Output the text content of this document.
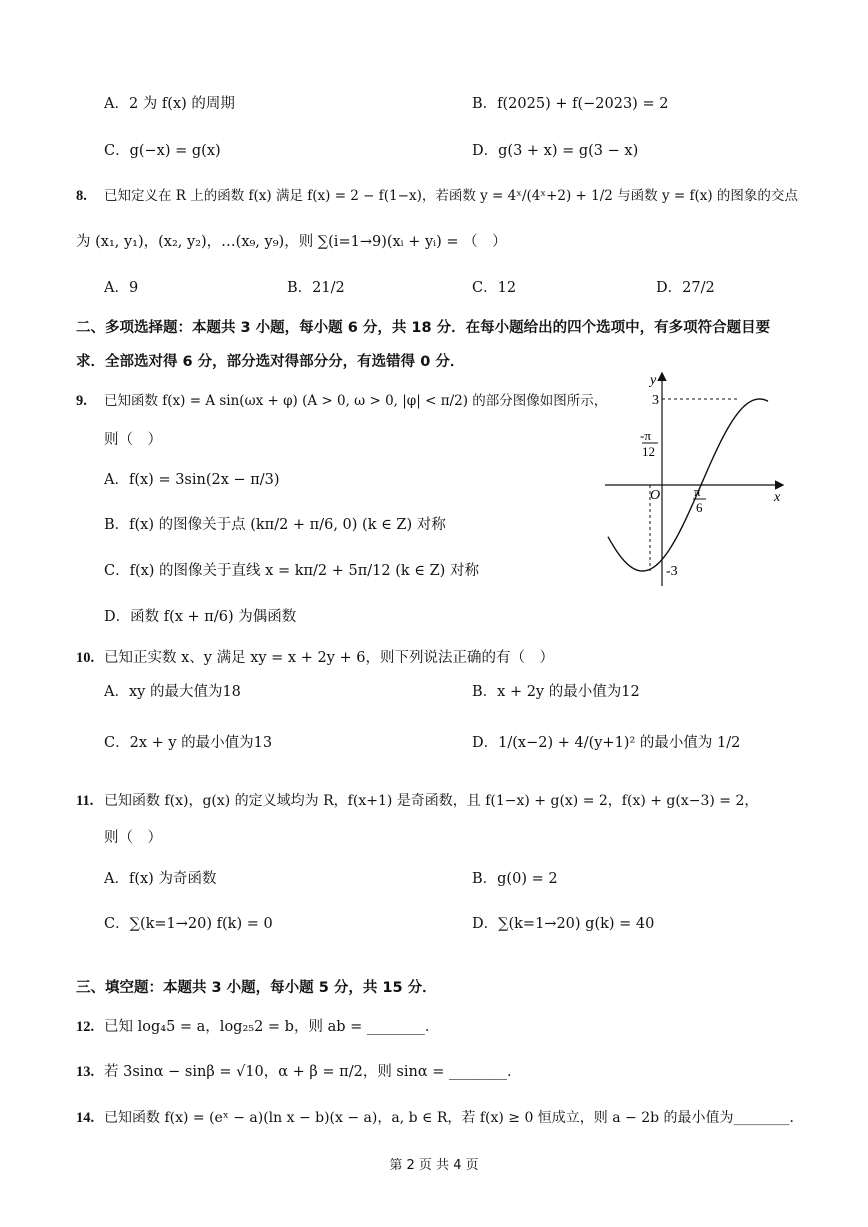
A．2 为 f(x) 的周期	B．f(2025) + f(−2023) = 2
C．g(−x) = g(x)	D．g(3 + x) = g(3 − x)
8. 已知定义在 R 上的函数 f(x) 满足 f(x) = 2 − f(1−x)，若函数 y = 4ˣ/(4ˣ+2) + 1/2 与函数 y = f(x) 的图象的交点
为 (x₁, y₁)，(x₂, y₂)，…(x₉, y₉)，则 ∑(i=1→9)(xᵢ + yᵢ) = （　）
A．9	B．21/2	C．12	D．27/2
二、多项选择题：本题共 3 小题，每小题 6 分，共 18 分．在每小题给出的四个选项中，有多项符合题目要
求．全部选对得 6 分，部分选对得部分分，有选错得 0 分．
9. 已知函数 f(x) = A sin(ωx + φ) (A > 0, ω > 0, |φ| < π/2) 的部分图像如图所示，
则（　）
A．f(x) = 3sin(2x − π/3)
B．f(x) 的图像关于点 (kπ/2 + π/6, 0) (k ∈ Z) 对称
C．f(x) 的图像关于直线 x = kπ/2 + 5π/12 (k ∈ Z) 对称
D．函数 f(x + π/6) 为偶函数
y
x
O
3
-3
-π
12
π
6
10. 已知正实数 x、y 满足 xy = x + 2y + 6，则下列说法正确的有（　）
A．xy 的最大值为18	B．x + 2y 的最小值为12
C．2x + y 的最小值为13	D．1/(x−2) + 4/(y+1)² 的最小值为 1/2
11. 已知函数 f(x)，g(x) 的定义域均为 R，f(x+1) 是奇函数，且 f(1−x) + g(x) = 2，f(x) + g(x−3) = 2，
则（　）
A．f(x) 为奇函数	B．g(0) = 2
C．∑(k=1→20) f(k) = 0	D．∑(k=1→20) g(k) = 40
三、填空题：本题共 3 小题，每小题 5 分，共 15 分．
12. 已知 log₄5 = a，log₂₅2 = b，则 ab = ________．
13. 若 3sinα − sinβ = √10，α + β = π/2，则 sinα = ________．
14. 已知函数 f(x) = (eˣ − a)(ln x − b)(x − a)，a, b ∈ R，若 f(x) ≥ 0 恒成立，则 a − 2b 的最小值为________．
第 2 页 共 4 页
